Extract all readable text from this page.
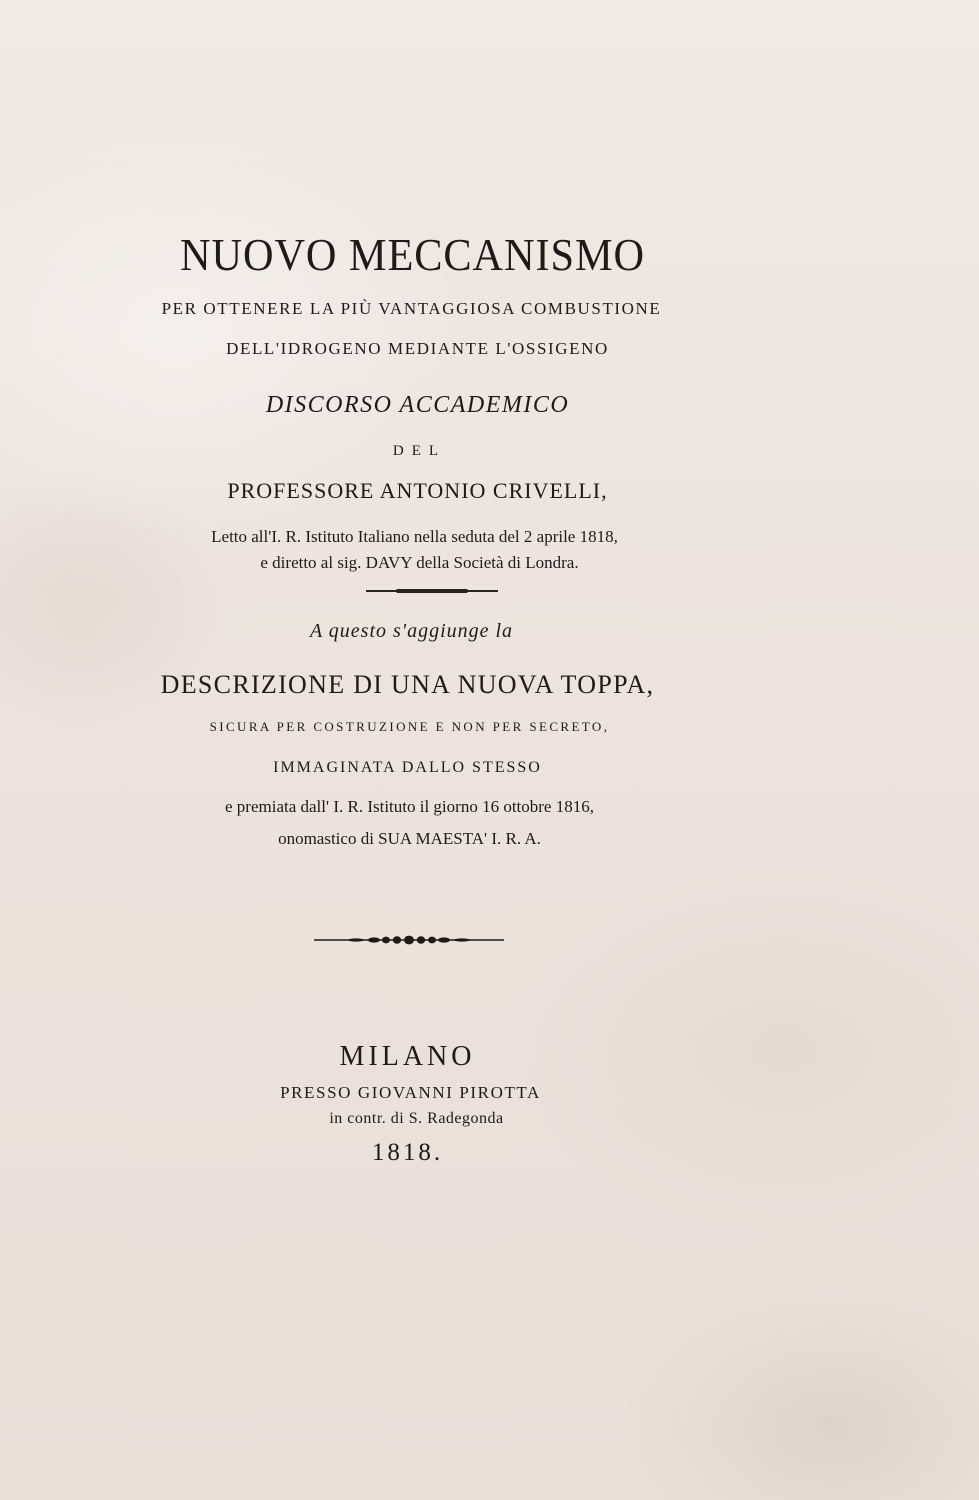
NUOVO MECCANISMO
PER OTTENERE LA PIÙ VANTAGGIOSA COMBUSTIONE
DELL'IDROGENO MEDIANTE L'OSSIGENO
DISCORSO ACCADEMICO
DEL
PROFESSORE ANTONIO CRIVELLI,
Letto all'I. R. Istituto Italiano nella seduta del 2 aprile 1818,
e diretto al sig. DAVY della Società di Londra.
A questo s'aggiunge la
DESCRIZIONE DI UNA NUOVA TOPPA,
SICURA PER COSTRUZIONE E NON PER SECRETO,
IMMAGINATA DALLO STESSO
e premiata dall' I. R. Istituto il giorno 16 ottobre 1816,
onomastico di SUA MAESTA' I. R. A.
MILANO
PRESSO GIOVANNI PIROTTA
in contr. di S. Radegonda
1818.
